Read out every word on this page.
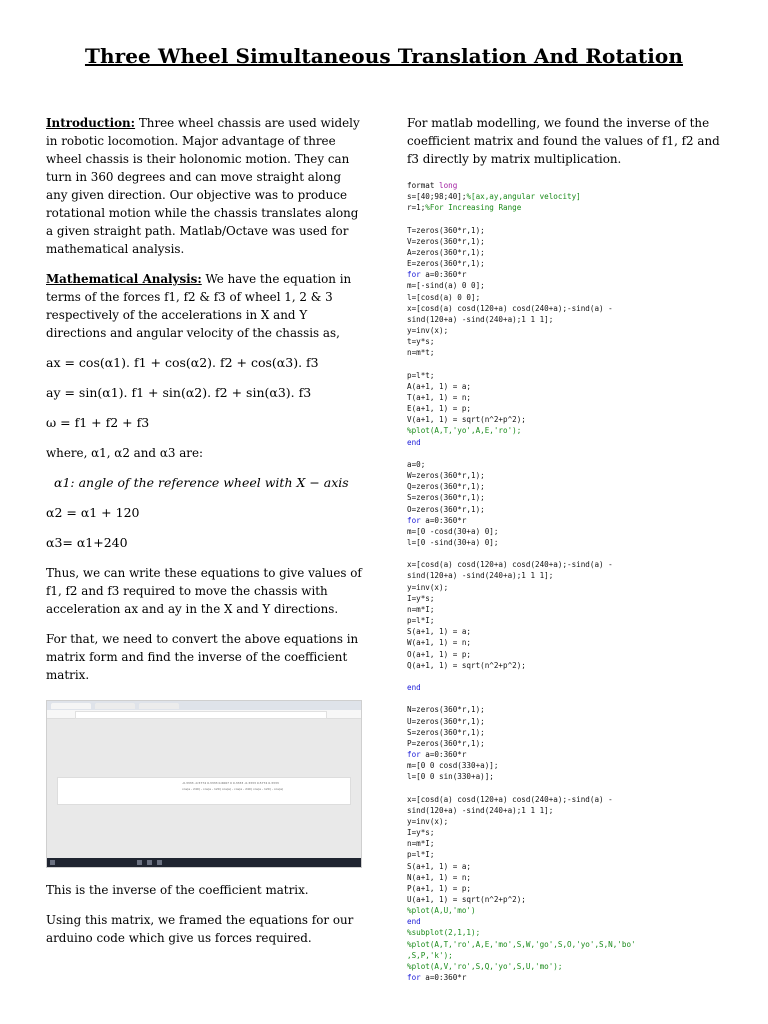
Three Wheel Simultaneous Translation And Rotation

Introduction: Three wheel chassis are used widely in robotic locomotion. Major advantage of three wheel chassis is their holonomic motion. They can turn in 360 degrees and can move straight along any given direction. Our objective was to produce rotational motion while the chassis translates along a given straight path. Matlab/Octave was used for mathematical analysis.

Mathematical Analysis: We have the equation in terms of the forces f1, f2 & f3 of wheel 1, 2 & 3 respectively of the accelerations in X and Y directions and angular velocity of the chassis as,

ax = cos(α1). f1 + cos(α2). f2 + cos(α3). f3

ay = sin(α1). f1 + sin(α2). f2 + sin(α3). f3

ω = f1 + f2 + f3

where, α1, α2 and α3 are:

α1: angle of the reference wheel with X − axis

α2 = α1 + 120

α3= α1+240

Thus, we can write these equations to give values of f1, f2 and f3 required to move the chassis with acceleration ax and ay in the X and Y directions.

For that, we need to convert the above equations in matrix form and find the inverse of the coefficient matrix.

-0.3333 -0.5774 0.3333 0.6667 0 0.3333 -0.3333 0.5774 0.3333
cos(a - 240) - cos(a - 120) cos(a) - cos(a - 240) cos(a - 120) - cos(a)
This is the inverse of the coefficient matrix.
Using this matrix, we framed the equations for our arduino code which give us forces required.

For matlab modelling, we found the inverse of the coefficient matrix and found the values of f1, f2 and f3 directly by matrix multiplication.

format long
s=[40;98;40];%[ax,ay,angular velocity]
r=1;%For Increasing Range

T=zeros(360*r,1);
V=zeros(360*r,1);
A=zeros(360*r,1);
E=zeros(360*r,1);
for a=0:360*r
m=[-sind(a) 0 0];
l=[cosd(a) 0 0];
x=[cosd(a) cosd(120+a) cosd(240+a);-sind(a) -
sind(120+a) -sind(240+a);1 1 1];
y=inv(x);
t=y*s;
n=m*t;

p=l*t;
A(a+1, 1) = a;
T(a+1, 1) = n;
E(a+1, 1) = p;
V(a+1, 1) = sqrt(n^2+p^2);
%plot(A,T,'yo',A,E,'ro');
end

a=0;
W=zeros(360*r,1);
Q=zeros(360*r,1);
S=zeros(360*r,1);
O=zeros(360*r,1);
for a=0:360*r
m=[0 -cosd(30+a) 0];
l=[0 -sind(30+a) 0];

x=[cosd(a) cosd(120+a) cosd(240+a);-sind(a) -
sind(120+a) -sind(240+a);1 1 1];
y=inv(x);
I=y*s;
n=m*I;
p=l*I;
S(a+1, 1) = a;
W(a+1, 1) = n;
O(a+1, 1) = p;
Q(a+1, 1) = sqrt(n^2+p^2);

end

N=zeros(360*r,1);
U=zeros(360*r,1);
S=zeros(360*r,1);
P=zeros(360*r,1);
for a=0:360*r
m=[0 0 cosd(330+a)];
l=[0 0 sin(330+a)];

x=[cosd(a) cosd(120+a) cosd(240+a);-sind(a) -
sind(120+a) -sind(240+a);1 1 1];
y=inv(x);
I=y*s;
n=m*I;
p=l*I;
S(a+1, 1) = a;
N(a+1, 1) = n;
P(a+1, 1) = p;
U(a+1, 1) = sqrt(n^2+p^2);
%plot(A,U,'mo')
end
%subplot(2,1,1);
%plot(A,T,'ro',A,E,'mo',S,W,'go',S,O,'yo',S,N,'bo'
,S,P,'k');
%plot(A,V,'ro',S,Q,'yo',S,U,'mo');
for a=0:360*r
